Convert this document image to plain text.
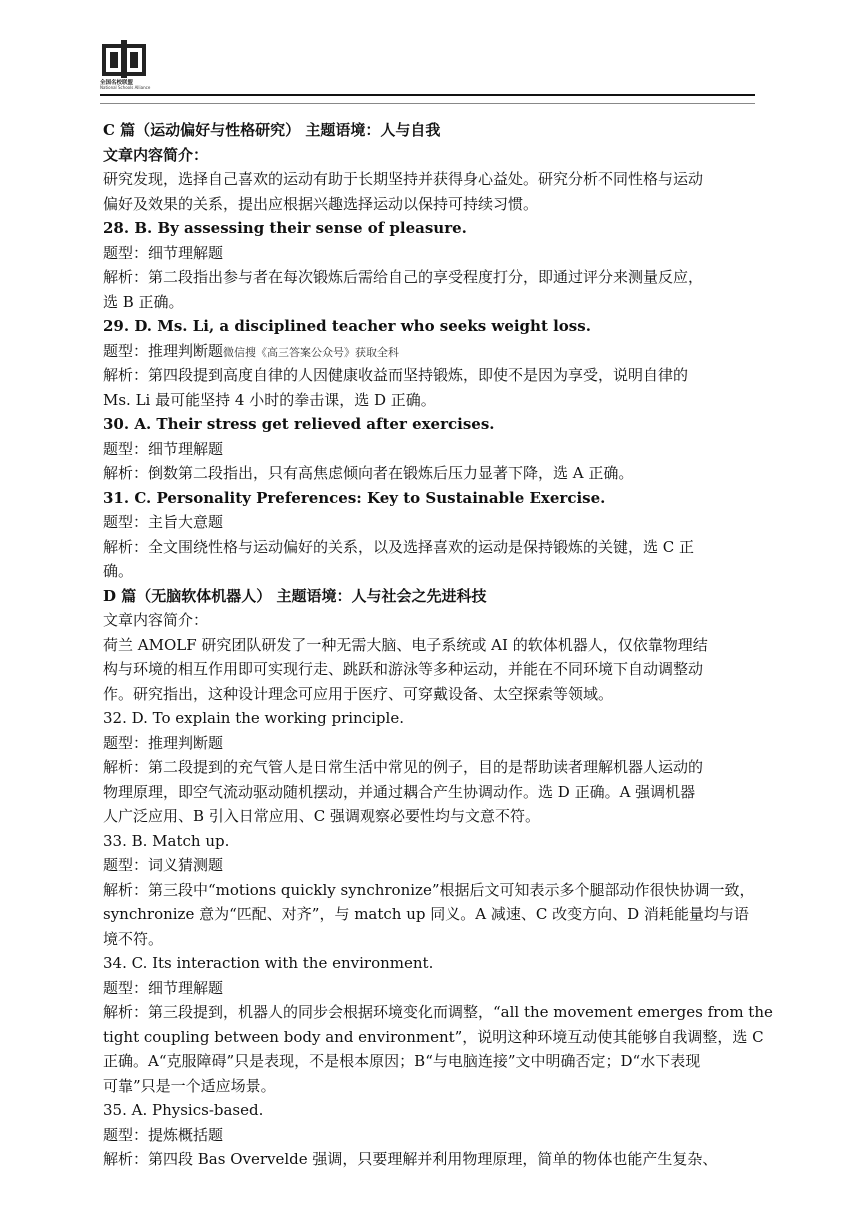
全国名校联盟
National Schools Alliance
C 篇（运动偏好与性格研究） 主题语境：人与自我
文章内容简介：
研究发现，选择自己喜欢的运动有助于长期坚持并获得身心益处。研究分析不同性格与运动
偏好及效果的关系，提出应根据兴趣选择运动以保持可持续习惯。
28. B. By assessing their sense of pleasure.
题型：细节理解题
解析：第二段指出参与者在每次锻炼后需给自己的享受程度打分，即通过评分来测量反应，
选 B 正确。
29. D. Ms. Li, a disciplined teacher who seeks weight loss.
题型：推理判断题微信搜《高三答案公众号》获取全科
解析：第四段提到高度自律的人因健康收益而坚持锻炼，即使不是因为享受，说明自律的
Ms. Li 最可能坚持 4 小时的拳击课，选 D 正确。
30. A. Their stress get relieved after exercises.
题型：细节理解题
解析：倒数第二段指出，只有高焦虑倾向者在锻炼后压力显著下降，选 A 正确。
31. C. Personality Preferences: Key to Sustainable Exercise.
题型：主旨大意题
解析：全文围绕性格与运动偏好的关系，以及选择喜欢的运动是保持锻炼的关键，选 C 正
确。
D 篇（无脑软体机器人） 主题语境：人与社会之先进科技
文章内容简介：
荷兰 AMOLF 研究团队研发了一种无需大脑、电子系统或 AI 的软体机器人，仅依靠物理结
构与环境的相互作用即可实现行走、跳跃和游泳等多种运动，并能在不同环境下自动调整动
作。研究指出，这种设计理念可应用于医疗、可穿戴设备、太空探索等领域。
32. D. To explain the working principle.
题型：推理判断题
解析：第二段提到的充气管人是日常生活中常见的例子，目的是帮助读者理解机器人运动的
物理原理，即空气流动驱动随机摆动，并通过耦合产生协调动作。选 D 正确。A 强调机器
人广泛应用、B 引入日常应用、C 强调观察必要性均与文意不符。
33. B. Match up.
题型：词义猜测题
解析：第三段中“motions quickly synchronize”根据后文可知表示多个腿部动作很快协调一致，
synchronize 意为“匹配、对齐”，与 match up 同义。A 减速、C 改变方向、D 消耗能量均与语
境不符。
34. C. Its interaction with the environment.
题型：细节理解题
解析：第三段提到，机器人的同步会根据环境变化而调整，“all the movement emerges from the
tight coupling between body and environment”，说明这种环境互动使其能够自我调整，选 C
正确。A“克服障碍”只是表现，不是根本原因；B“与电脑连接”文中明确否定；D“水下表现
可靠”只是一个适应场景。
35. A. Physics-based.
题型：提炼概括题
解析：第四段 Bas Overvelde 强调，只要理解并利用物理原理，简单的物体也能产生复杂、
